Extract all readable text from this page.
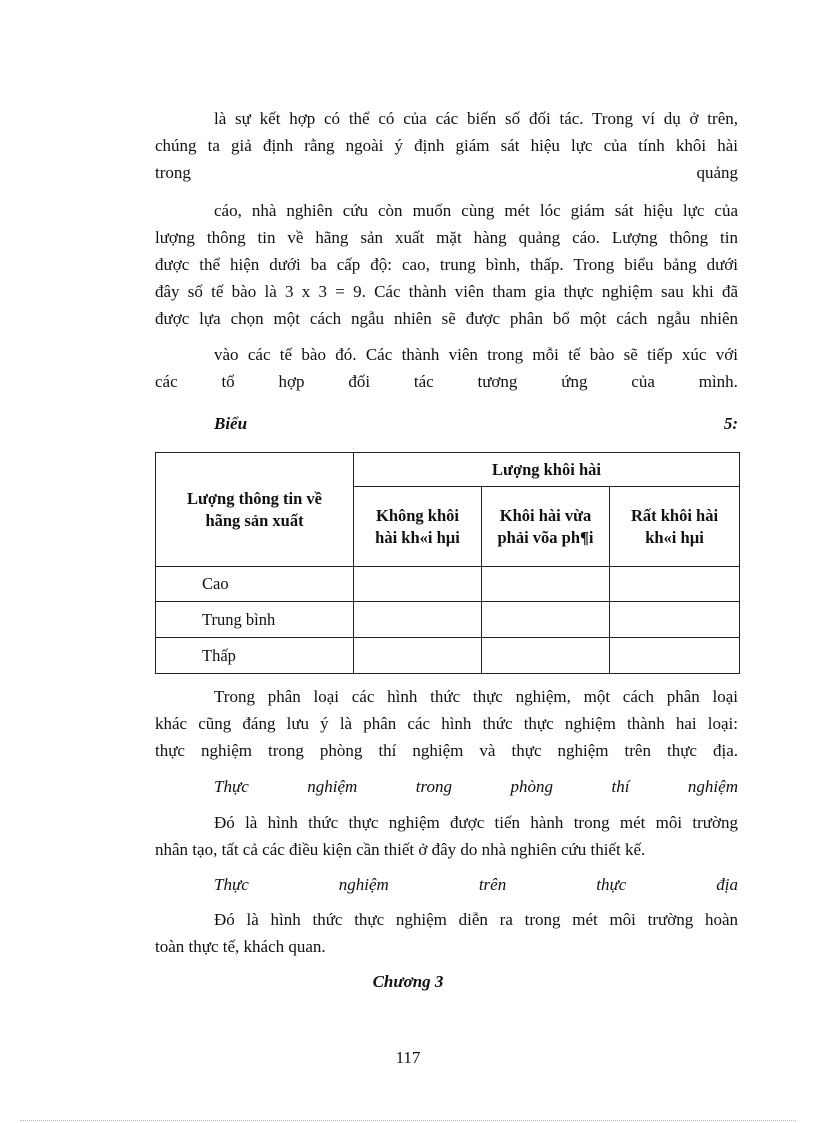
là sự kết hợp có thể có của các biến số đối tác. Trong ví dụ ở trên,
chúng ta giả định rằng ngoài ý định giám sát hiệu lực của tính khôi hài
trong	quảng
cáo, nhà nghiên cứu còn muốn cùng mét lóc giám sát hiệu lực của
lượng thông tin về hãng sản xuất mặt hàng quảng cáo. Lượng thông tin
được thể hiện dưới ba cấp độ: cao, trung bình, thấp. Trong biểu bảng dưới
đây số tế bào là 3 x 3 = 9. Các thành viên tham gia thực nghiệm sau khi đã
được lựa chọn một cách ngẫu nhiên sẽ được phân bổ một cách ngẫu nhiên
vào các tế bào đó. Các thành viên trong mỗi tế bào sẽ tiếp xúc với
các	tổ	hợp	đối	tác	tương	ứng	của	mình.
Biểu	5:
Lượng thông tin về hãng sản xuất	Lượng khôi hài		

	Không khôi hài kh«i hµi	Khôi hài vừa phải võa ph¶i	Rất khôi hài kh«i hµi

Cao			
Trung bình			
Thấp			
Trong phân loại các hình thức thực nghiệm, một cách phân loại
khác cũng đáng lưu ý là phân các hình thức thực nghiệm thành hai loại:
thực nghiệm trong phòng thí nghiệm và thực nghiệm trên thực địa.
Thực	nghiệm	trong	phòng	thí	nghiệm
Đó là hình thức thực nghiệm được tiến hành trong mét môi trường
nhân tạo, tất cả các điều kiện cần thiết ở đây do nhà nghiên cứu thiết kế.
Thực	nghiệm	trên	thực	địa
Đó là hình thức thực nghiệm diễn ra trong mét môi trường hoàn
toàn thực tế, khách quan.
Chương 3
117
